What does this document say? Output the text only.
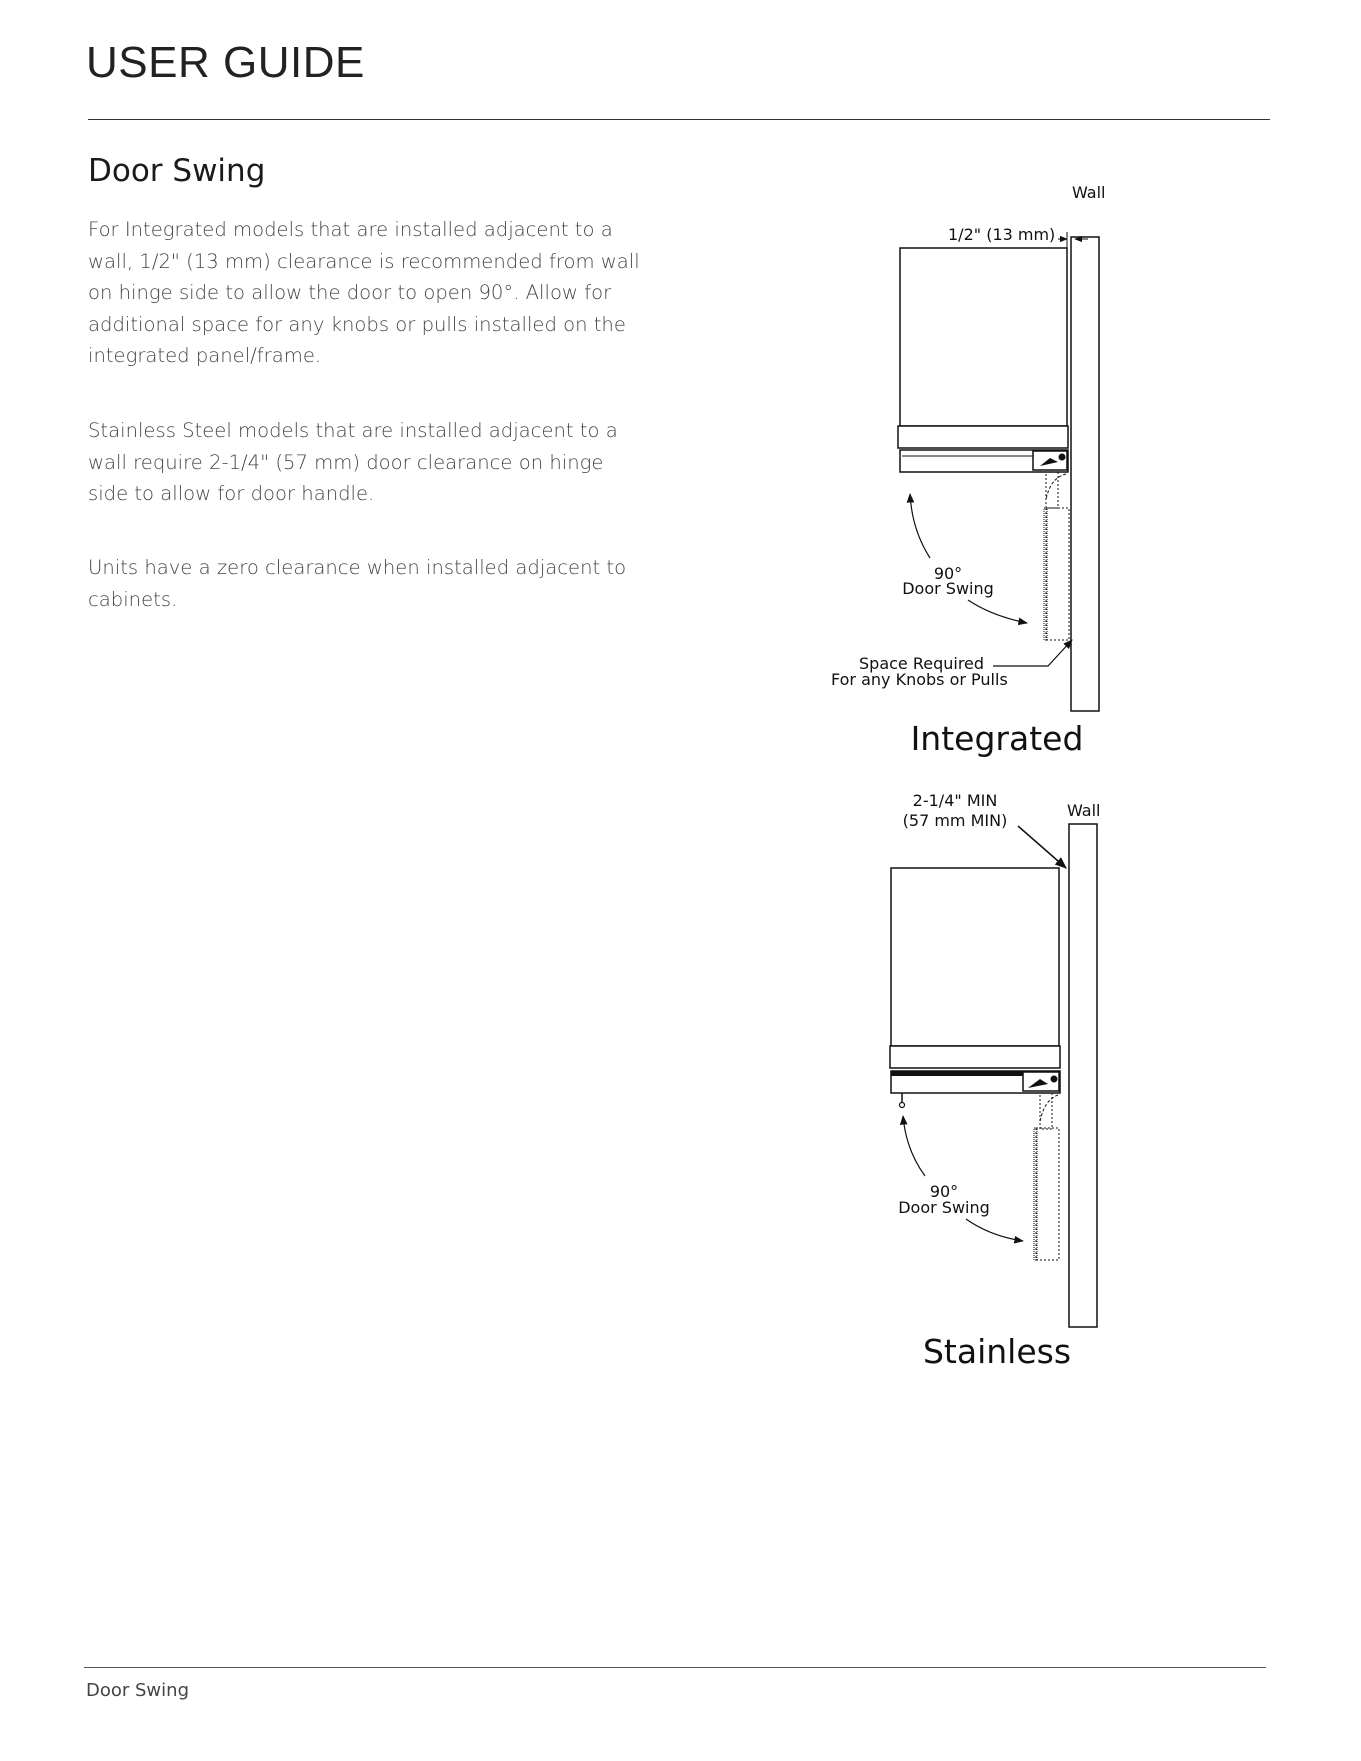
USER GUIDE
Door Swing
For Integrated models that are installed adjacent to a wall, 1/2" (13 mm) clearance is recommended from wall on hinge side to allow the door to open 90°. Allow for additional space for any knobs or pulls installed on the integrated panel/frame.
Stainless Steel models that are installed adjacent to a wall require 2-1/4" (57 mm) door clearance on hinge side to allow for door handle.
Units have a zero clearance when installed adjacent to cabinets.
Wall
1/2" (13 mm)
90°
Door Swing
Space Required
For any Knobs or Pulls
Integrated
2-1/4" MIN
(57 mm MIN)
Wall
90°
Door Swing
Stainless
Door Swing
